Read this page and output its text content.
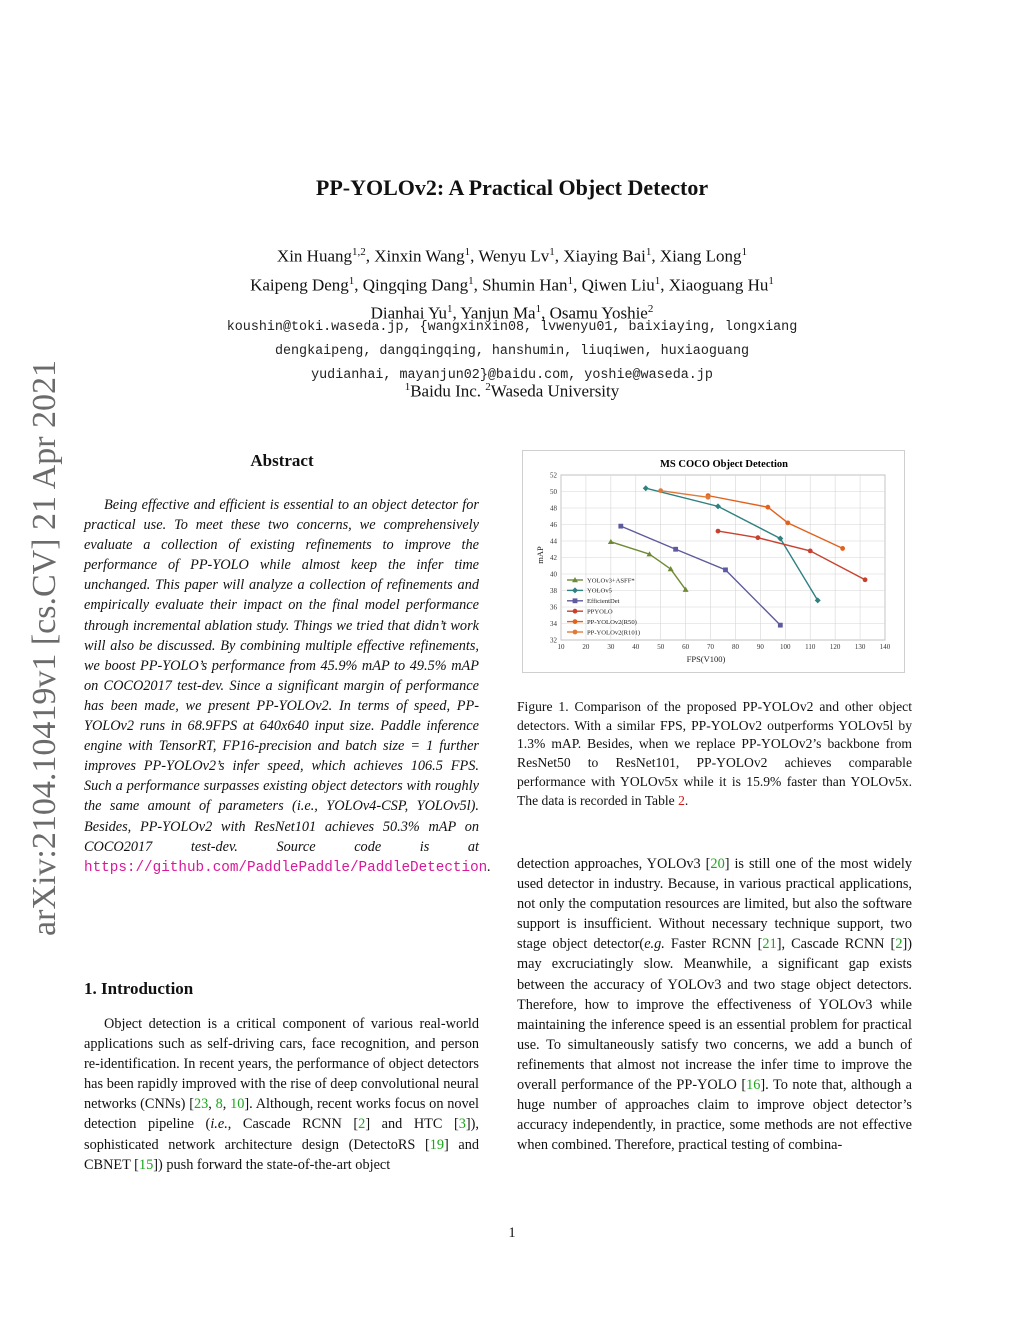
arXiv:2104.10419v1 [cs.CV] 21 Apr 2021
PP-YOLOv2: A Practical Object Detector
Xin Huang$^{1,2}$, Xinxin Wang$^1$, Wenyu Lv$^1$, Xiaying Bai$^1$, Xiang Long$^1$
Kaipeng Deng$^1$, Qingqing Dang$^1$, Shumin Han$^1$, Qiwen Liu$^1$, Xiaoguang Hu$^1$
Dianhai Yu$^1$, Yanjun Ma$^1$, Osamu Yoshie$^2$
koushin@toki.waseda.jp, {wangxinxin08, lvwenyu01, baixiaying, longxiang
dengkaipeng, dangqingqing, hanshumin, liuqiwen, huxiaoguang
yudianhai, mayanjun02}@baidu.com, yoshie@waseda.jp
$^1$Baidu Inc. $^2$Waseda University
Abstract
Being effective and efficient is essential to an object detector for practical use. To meet these two concerns, we comprehensively evaluate a collection of existing refinements to improve the performance of PP-YOLO while almost keep the infer time unchanged. This paper will analyze a collection of refinements and empirically evaluate their impact on the final model performance through incremental ablation study. Things we tried that didn’t work will also be discussed. By combining multiple effective refinements, we boost PP-YOLO’s performance from 45.9% mAP to 49.5% mAP on COCO2017 test-dev. Since a significant margin of performance has been made, we present PP-YOLOv2. In terms of speed, PP-YOLOv2 runs in 68.9FPS at 640x640 input size. Paddle inference engine with TensorRT, FP16-precision and batch size = 1 further improves PP-YOLOv2’s infer speed, which achieves 106.5 FPS. Such a performance surpasses existing object detectors with roughly the same amount of parameters (i.e., YOLOv4-CSP, YOLOv5l). Besides, PP-YOLOv2 with ResNet101 achieves 50.3% mAP on COCO2017 test-dev. Source code is at https://github.com/PaddlePaddle/PaddleDetection.
1. Introduction
Object detection is a critical component of various real-world applications such as self-driving cars, face recognition, and person re-identification. In recent years, the performance of object detectors has been rapidly improved with the rise of deep convolutional neural networks (CNNs) [23, 8, 10]. Although, recent works focus on novel detection pipeline (i.e., Cascade RCNN [2] and HTC [3]), sophisticated network architecture design (DetectoRS [19] and CBNET [15]) push forward the state-of-the-art object
MS COCO Object Detection
10	20	30	40	50	60	70	80	90 100 110 120 130 140
32
34
36
38
40
42
44
46
48
50
52
FPS(V100)
mAP
YOLOv3+ASFF*
YOLOv5
EfficientDet
PPYOLO
PP-YOLOv2(R50)
PP-YOLOv2(R101)
Figure 1. Comparison of the proposed PP-YOLOv2 and other object detectors. With a similar FPS, PP-YOLOv2 outperforms YOLOv5l by 1.3% mAP. Besides, when we replace PP-YOLOv2’s backbone from ResNet50 to ResNet101, PP-YOLOv2 achieves comparable performance with YOLOv5x while it is 15.9% faster than YOLOv5x. The data is recorded in Table 2.
detection approaches, YOLOv3 [20] is still one of the most widely used detector in industry. Because, in various practical applications, not only the computation resources are limited, but also the software support is insufficient. Without necessary technique support, two stage object detector(e.g. Faster RCNN [21], Cascade RCNN [2]) may excruciatingly slow. Meanwhile, a significant gap exists between the accuracy of YOLOv3 and two stage object detectors. Therefore, how to improve the effectiveness of YOLOv3 while maintaining the inference speed is an essential problem for practical use. To simultaneously satisfy two concerns, we add a bunch of refinements that almost not increase the infer time to improve the overall performance of the PP-YOLO [16]. To note that, although a huge number of approaches claim to improve object detector’s accuracy independently, in practice, some methods are not effective when combined. Therefore, practical testing of combina-
1
